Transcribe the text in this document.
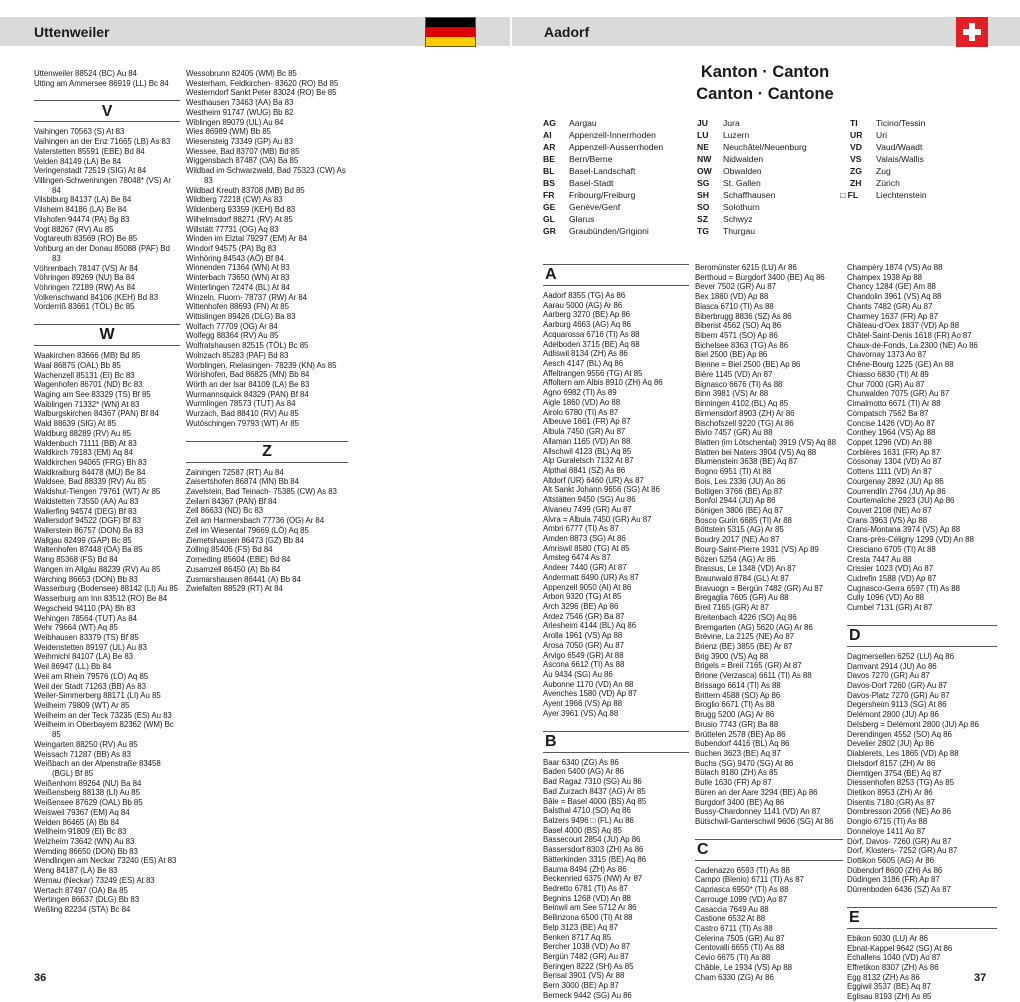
Uttenweiler	Aadorf
Kanton · Canton
Canton · Cantone
AG	Aargau
AI	Appenzell-Innerrhoden
AR	Appenzell-Ausserrhoden
BE	Bern/Berne
BL	Basel-Landschaft
BS	Basel-Stadt
FR	Fribourg/Freiburg
GE	Genève/Genf
GL	Glarus
GR	Graubünden/Grigioni
JU	Jura
LU	Luzern
NE	Neuchâtel/Neuenburg
NW	Nidwalden
OW	Obwalden
SG	St. Gallen
SH	Schaffhausen
SO	Solothurn
SZ	Schwyz
TG	Thurgau
TI	Ticino/Tessin
UR	Uri
VD	Vaud/Waadt
VS	Valais/Wallis
ZG	Zug
ZH	Zürich
□ FL	Liechtenstein
Uttenweiler 88524 (BC) Au 84
Utting am Ammersee 86919 (LL) Bc 84
V
Vaihingen 70563 (S) At 83
Vaihingen an der Enz 71665 (LB) As 83
Vaterstetten 85591 (EBE) Bd 84
Velden 84149 (LA) Be 84
Veringenstadt 72519 (SIG) At 84
Villingen-Schwenningen 78048* (VS) Ar 84
Vilsbiburg 84137 (LA) Be 84
Vilsheim 84186 (LA) Be 84
Vilshofen 94474 (PA) Bg 83
Vogt 88267 (RV) Au 85
Vogtareuth 83569 (RO) Be 85
Vohburg an der Donau 85088 (PAF) Bd 83
Vöhrenbach 78147 (VS) Ar 84
Vöhringen 89269 (NU) Ba 84
Vöhringen 72189 (RW) As 84
Volkenschwand 84106 (KEH) Bd 83
Vorderriß 83661 (TÖL) Bc 85
W
Waakirchen 83666 (MB) Bd 85
Waal 86875 (OAL) Bb 85
Wachenzell 85131 (EI) Bc 83
Wagenhofen 86701 (ND) Bc 83
Waging am See 83329 (TS) Bf 85
Waiblingen 71332* (WN) At 83
Walburgskirchen 84367 (PAN) Bf 84
Wald 88639 (SIG) At 85
Waldburg 88289 (RV) Au 85
Waldenbuch 71111 (BB) At 83
Waldkirch 79183 (EM) Aq 84
Waldkirchen 94065 (FRG) Bh 83
Waldkraiburg 84478 (MÜ) Be 84
Waldsee, Bad 88339 (RV) Au 85
Waldshut-Tiengen 79761 (WT) Ar 85
Waldstetten 73550 (AA) Au 83
Wallerfing 94574 (DEG) Bf 83
Wallersdorf 94522 (DGF) Bf 83
Wallerstein 86757 (DON) Ba 83
Wallgau 82499 (GAP) Bc 85
Waltenhofen 87448 (OA) Ba 85
Wang 85368 (FS) Bd 84
Wangen im Allgäu 88239 (RV) Au 85
Warching 86653 (DON) Bb 83
Wasserburg (Bodensee) 88142 (LI) Au 85
Wasserburg am Inn 83512 (RO) Be 84
Wegscheid 94110 (PA) Bh 83
Wehingen 78564 (TUT) As 84
Wehr 79664 (WT) Aq 85
Weibhausen 83379 (TS) Bf 85
Weidenstetten 89197 (UL) Au 83
Weihmichl 84107 (LA) Be 83
Weil 86947 (LL) Bb 84
Weil am Rhein 79576 (LÖ) Aq 85
Weil der Stadt 71263 (BB) As 83
Weiler-Simmerberg 88171 (LI) Au 85
Weilheim 79809 (WT) Ar 85
Weilheim an der Teck 73235 (ES) Au 83
Weilheim in Oberbayern 82362 (WM) Bc 85
Weingarten 88250 (RV) Au 85
Weissach 71287 (BB) As 83
Weißbach an der Alpenstraße 83458 (BGL) Bf 85
Weißenhorn 89264 (NU) Ba 84
Weißensberg 88138 (LI) Au 85
Weißensee 87629 (OAL) Bb 85
Weisweil 79367 (EM) Aq 84
Welden 86465 (A) Bb 84
Wellheim 91809 (EI) Bc 83
Welzheim 73642 (WN) Au 83
Wemding 86650 (DON) Bb 83
Wendlingen am Neckar 73240 (ES) At 83
Weng 84187 (LA) Be 83
Wernau (Neckar) 73249 (ES) At 83
Wertach 87497 (OA) Ba 85
Wertingen 86637 (DLG) Bb 83
Weßling 82234 (STA) Bc 84
Wessobrunn 82405 (WM) Bc 85
Westerham, Feldkirchen- 83620 (RO) Bd 85
Westerndorf Sankt Peter 83024 (RO) Be 85
Westhausen 73463 (AA) Ba 83
Westheim 91747 (WUG) Bb 82
Wiblingen 89079 (UL) Au 84
Wies 86989 (WM) Bb 85
Wiesensteig 73349 (GP) Au 83
Wiessee, Bad 83707 (MB) Bd 85
Wiggensbach 87487 (OA) Ba 85
Wildbad im Schwarzwald, Bad 75323 (CW) As 83
Wildbad Kreuth 83708 (MB) Bd 85
Wildberg 72218 (CW) As 83
Wildenberg 93359 (KEH) Bd 83
Wilhelmsdorf 88271 (RV) At 85
Willstätt 77731 (OG) Aq 83
Winden im Elztal 79297 (EM) Ar 84
Windorf 94575 (PA) Bg 83
Winhöring 84543 (AÖ) Bf 84
Winnenden 71364 (WN) At 83
Winterbach 73650 (WN) At 83
Winterlingen 72474 (BL) At 84
Winzeln, Fluorn- 78737 (RW) Ar 84
Wittenhofen 88693 (FN) At 85
Wittislingen 89426 (DLG) Ba 83
Wolfach 77709 (OG) Ar 84
Wolfegg 88364 (RV) Au 85
Wolfratshausen 82515 (TÖL) Bc 85
Wolnzach 85283 (PAF) Bd 83
Worblingen, Rielasingen- 78239 (KN) As 85
Wörishofen, Bad 86825 (MN) Bb 84
Wörth an der Isar 84109 (LA) Be 83
Wurmannsquick 84329 (PAN) Bf 84
Wurmlingen 78573 (TUT) As 84
Wurzach, Bad 88410 (RV) Au 85
Wutöschingen 79793 (WT) Ar 85
Z
Zainingen 72587 (RT) Au 84
Zaisertshofen 86874 (MN) Bb 84
Zavelstein, Bad Teinach- 75385 (CW) As 83
Zeilarn 84367 (PAN) Bf 84
Zell 86633 (ND) Bc 83
Zell am Harmersbach 77736 (OG) Ar 84
Zell im Wiesental 79669 (LÖ) Aq 85
Ziemetshausen 86473 (GZ) Bb 84
Zolling 85406 (FS) Bd 84
Zorneding 85604 (EBE) Bd 84
Zusamzell 86450 (A) Bb 84
Zusmarshausen 86441 (A) Bb 84
Zwiefalten 88529 (RT) At 84
A
Aadorf 8355 (TG) As 86
Aarau 5000 (AG) Ar 86
Aarberg 3270 (BE) Ap 86
Aarburg 4663 (AG) Aq 86
Acquarossa 6716 (TI) As 88
Adelboden 3715 (BE) Aq 88
Adliswil 8134 (ZH) As 86
Aesch 4147 (BL) Aq 86
Affeltrangen 9556 (TG) At 85
Affoltern am Albis 8910 (ZH) Aq 86
Agno 6982 (TI) As 89
Aigle 1860 (VD) Ao 88
Airolo 6780 (TI) As 87
Albeuve 1661 (FR) Ap 87
Albula 7450 (GR) Au 87
Allaman 1165 (VD) An 88
Allschwil 4123 (BL) Aq 85
Alp Guraletsch 7132 At 87
Alpthal 8841 (SZ) As 86
Altdorf (UR) 6460 (UR) As 87
Alt Sankt Johann 9656 (SG) At 86
Altstätten 9450 (SG) Au 86
Alvaneu 7499 (GR) Au 87
Alvra = Albula 7450 (GR) Au 87
Ambri 6777 (TI) As 87
Amden 8873 (SG) At 86
Amriswil 8580 (TG) At 85
Amsteg 6474 As 87
Andeer 7440 (GR) At 87
Andermatt 6490 (UR) As 87
Appenzell 9050 (AI) At 86
Arbon 9320 (TG) At 85
Arch 3296 (BE) Ap 86
Ardez 7546 (GR) Ba 87
Arlesheim 4144 (BL) Aq 86
Arolla 1961 (VS) Ap 88
Arosa 7050 (GR) Au 87
Arvigo 6549 (GR) At 88
Ascona 6612 (TI) As 88
Au 9434 (SG) Au 86
Aubonne 1170 (VD) An 88
Avenches 1580 (VD) Ap 87
Ayent 1966 (VS) Ap 88
Ayer 3961 (VS) Aq 88
B
Baar 6340 (ZG) As 86
Baden 5400 (AG) Ar 86
Bad Ragaz 7310 (SG) Au 86
Bad Zurzach 8437 (AG) Ar 85
Bâle = Basel 4000 (BS) Aq 85
Balsthal 4710 (SO) Aq 86
Balzers 9496 □ (FL) Au 86
Basel 4000 (BS) Aq 85
Bassecourt 2854 (JU) Ap 86
Bassersdorf 8303 (ZH) As 86
Bätterkinden 3315 (BE) Aq 86
Bauma 8494 (ZH) As 86
Beckenried 6375 (NW) Ar 87
Bedretto 6781 (TI) As 87
Begnins 1268 (VD) An 88
Beinwil am See 5712 Ar 86
Bellinzona 6500 (TI) At 88
Belp 3123 (BE) Aq 87
Benken 8717 Aq 85
Bercher 1038 (VD) Ao 87
Bergün 7482 (GR) Au 87
Beringen 8222 (SH) As 85
Berisal 3901 (VS) Ar 88
Bern 3000 (BE) Ap 87
Berneck 9442 (SG) Au 86
Beromünster 6215 (LU) Ar 86
Berthoud = Burgdorf 3400 (BE) Aq 86
Bever 7502 (GR) Au 87
Bex 1880 (VD) Ap 88
Biasca 6710 (TI) As 88
Biberbrugg 8836 (SZ) As 86
Biberist 4562 (SO) Aq 86
Bibern 4571 (SO) Ap 86
Bichelsee 8363 (TG) As 86
Biel 2500 (BE) Ap 86
Bienne = Biel 2500 (BE) Ap 86
Bière 1145 (VD) An 87
Bignasco 6676 (TI) As 88
Binn 3981 (VS) Ar 88
Binningen 4102 (BL) Aq 85
Birmensdorf 8903 (ZH) Ar 86
Bischofszell 9220 (TG) At 86
Bivio 7457 (GR) Au 88
Blatten (im Lötschental) 3919 (VS) Aq 88
Blatten bei Naters 3904 (VS) Aq 88
Blumenstein 3638 (BE) Aq 87
Bogno 6951 (TI) At 88
Bois, Les 2336 (JU) Ao 86
Boltigen 3766 (BE) Ap 87
Bonfol 2944 (JU) Ap 86
Bönigen 3806 (BE) Aq 87
Bosco Gurin 6685 (TI) Ar 88
Böttstein 5315 (AG) Ar 85
Boudry 2017 (NE) Ao 87
Bourg-Saint-Pierre 1931 (VS) Ap 89
Bözen 5254 (AG) Ar 86
Brassus, Le 1348 (VD) An 87
Braunwald 8784 (GL) At 87
Bravuogn = Bergün 7482 (GR) Au 87
Bregaglia 7605 (GR) Au 88
Breil 7165 (GR) At 87
Breitenbach 4226 (SO) Aq 86
Bremgarten (AG) 5620 (AG) Ar 86
Brévine, La 2125 (NE) Ao 87
Brienz (BE) 3855 (BE) Ar 87
Brig 3900 (VS) Aq 88
Brigels = Breil 7165 (GR) At 87
Brione (Verzasca) 6611 (TI) As 88
Brissago 6614 (TI) As 88
Brittern 4588 (SO) Ap 86
Broglio 6671 (TI) As 88
Brugg 5200 (AG) Ar 86
Brusio 7743 (GR) Ba 88
Brüttelen 2578 (BE) Ap 86
Bubendorf 4416 (BL) Aq 86
Buchen 3623 (BE) Aq 87
Buchs (SG) 9470 (SG) At 86
Bülach 8180 (ZH) As 85
Bulle 1630 (FR) Ap 87
Büren an der Aare 3294 (BE) Ap 86
Burgdorf 3400 (BE) Aq 86
Bussy-Chardonney 1141 (VD) An 87
Bütschwil-Ganterschwil 9606 (SG) At 86
C
Cadenazzo 6593 (TI) As 88
Campo (Blenio) 6711 (TI) As 87
Capriasca 6950* (TI) As 88
Carrouge 1099 (VD) Ao 87
Casaccia 7649 Au 88
Castione 6532 At 88
Castro 6711 (TI) As 88
Celerina 7505 (GR) Au 87
Centovalli 6655 (TI) As 88
Cevio 6675 (TI) As 88
Châble, Le 1934 (VS) Ap 88
Cham 6330 (ZG) Ar 86
Champéry 1874 (VS) Ao 88
Champex 1938 Ap 88
Chancy 1284 (GE) Am 88
Chandolin 3961 (VS) Aq 88
Chants 7482 (GR) Au 87
Charmey 1637 (FR) Ap 87
Château-d'Oex 1837 (VD) Ap 88
Châtel-Saint-Denis 1618 (FR) Ao 87
Chaux-de-Fonds, La 2300 (NE) Ao 86
Chavornay 1373 Ao 87
Chêne-Bourg 1225 (GE) An 88
Chiasso 6830 (TI) At 89
Chur 7000 (GR) Au 87
Churwalden 7075 (GR) Au 87
Cimalmotto 6671 (TI) Ar 88
Compatsch 7562 Ba 87
Concise 1426 (VD) Ao 87
Conthey 1964 (VS) Ap 88
Coppet 1296 (VD) An 88
Corbières 1631 (FR) Ap 87
Cossonay 1304 (VD) Ao 87
Cottens 1111 (VD) An 87
Courgenay 2892 (JU) Ap 86
Courrendlin 2764 (JU) Ap 86
Courtemaîche 2923 (JU) Ap 86
Couvet 2108 (NE) Ao 87
Crans 3963 (VS) Ap 88
Crans-Montana 3974 (VS) Ap 88
Crans-près-Céligny 1299 (VD) An 88
Cresciano 6705 (TI) At 88
Cresta 7447 Au 88
Crissier 1023 (VD) Ao 87
Cudrefin 1588 (VD) Ap 87
Cugnasco-Gerra 6597 (TI) As 88
Cully 1096 (VD) Ao 88
Cumbel 7131 (GR) At 87
D
Dagmersellen 6252 (LU) Aq 86
Damvant 2914 (JU) Ao 86
Davos 7270 (GR) Au 87
Davos-Dorf 7260 (GR) Au 87
Davos-Platz 7270 (GR) Au 87
Degersheim 9113 (SG) At 86
Delémont 2800 (JU) Ap 86
Delsberg = Delémont 2800 (JU) Ap 86
Derendingen 4552 (SO) Aq 86
Develier 2802 (JU) Ap 86
Diablerets, Les 1865 (VD) Ap 88
Dielsdorf 8157 (ZH) Ar 86
Diemtigen 3754 (BE) Aq 87
Diessenhofen 8253 (TG) As 85
Dietikon 8953 (ZH) Ar 86
Disentis 7180 (GR) As 87
Dombresson 2056 (NE) Ao 86
Dongio 6715 (TI) As 88
Donneloye 1411 Ao 87
Dorf, Davos- 7260 (GR) Au 87
Dorf, Klosters- 7252 (GR) Au 87
Dottikon 5605 (AG) Ar 86
Dübendorf 8600 (ZH) As 86
Düdingen 3186 (FR) Ap 87
Dürrenboden 6436 (SZ) As 87
E
Ebikon 6030 (LU) Ar 86
Ebnat-Kappel 9642 (SG) At 86
Echallens 1040 (VD) Ao 87
Effretikon 8307 (ZH) As 86
Egg 8132 (ZH) As 86
Eggiwil 3537 (BE) Aq 87
Eglisau 8193 (ZH) As 85
36	37
